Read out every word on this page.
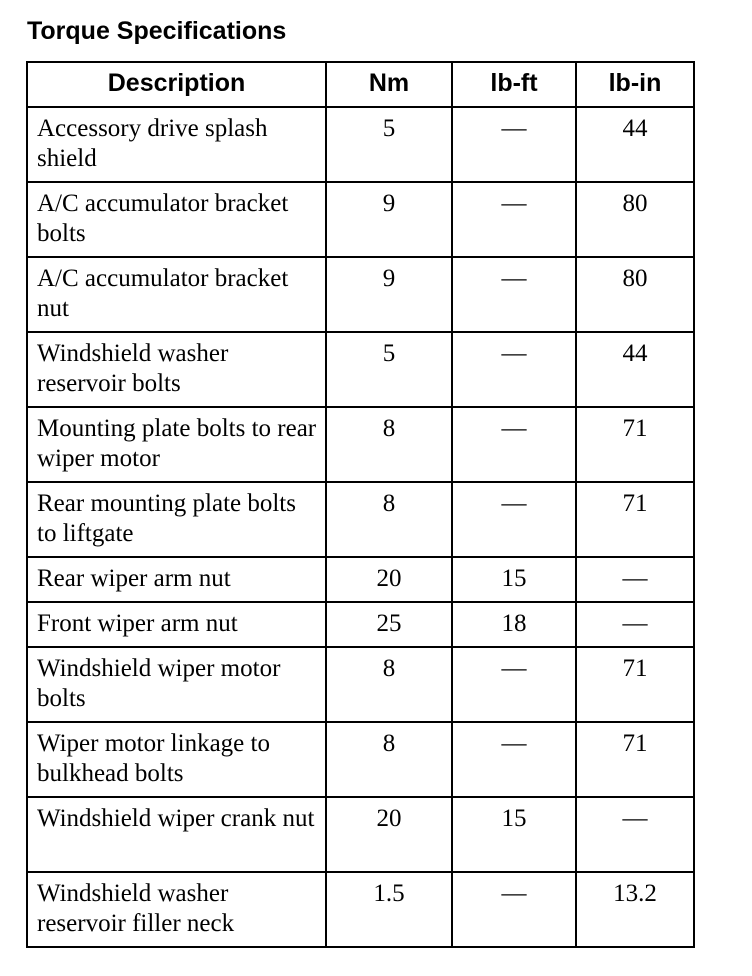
Torque Specifications
Description	Nm	lb-ft	lb-in
Accessory drive splash shield	5	—	44
A/C accumulator bracket bolts	9	—	80
A/C accumulator bracket nut	9	—	80
Windshield washer reservoir bolts	5	—	44
Mounting plate bolts to rear wiper motor	8	—	71
Rear mounting plate bolts to liftgate	8	—	71
Rear wiper arm nut	20	15	—
Front wiper arm nut	25	18	—
Windshield wiper motor bolts	8	—	71
Wiper motor linkage to bulkhead bolts	8	—	71
Windshield wiper crank nut	20	15	—
Windshield washer reservoir filler neck	1.5	—	13.2
